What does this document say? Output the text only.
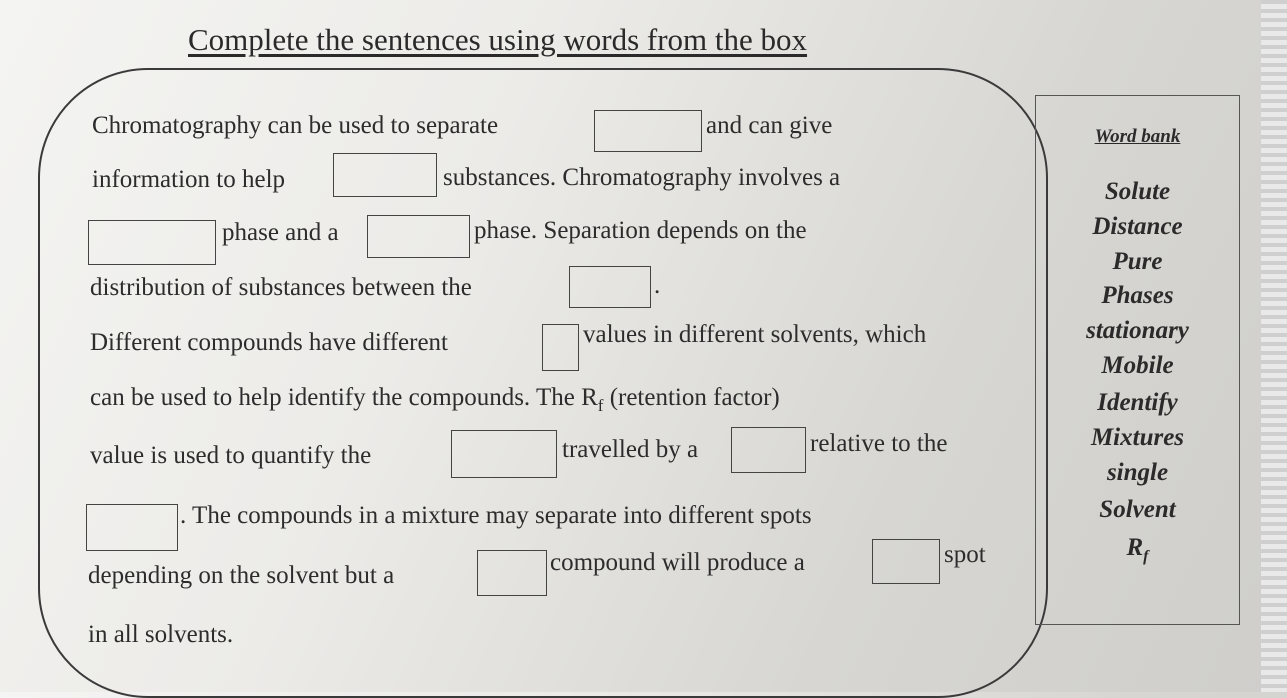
Complete the sentences using words from the box
Chromatography can be used to separate	and can give
information to help	substances. Chromatography involves a
phase and a	phase. Separation depends on the
distribution of substances between the	.
Different compounds have different	values in different solvents, which
can be used to help identify the compounds. The $R_f$ (retention factor)
value is used to quantify the	travelled by a	relative to the
. The compounds in a mixture may separate into different spots
depending on the solvent but a	compound will produce a	spot
in all solvents.
Word bank
Solute
Distance
Pure
Phases
stationary
Mobile
Identify
Mixtures
single
Solvent
$R_f$
